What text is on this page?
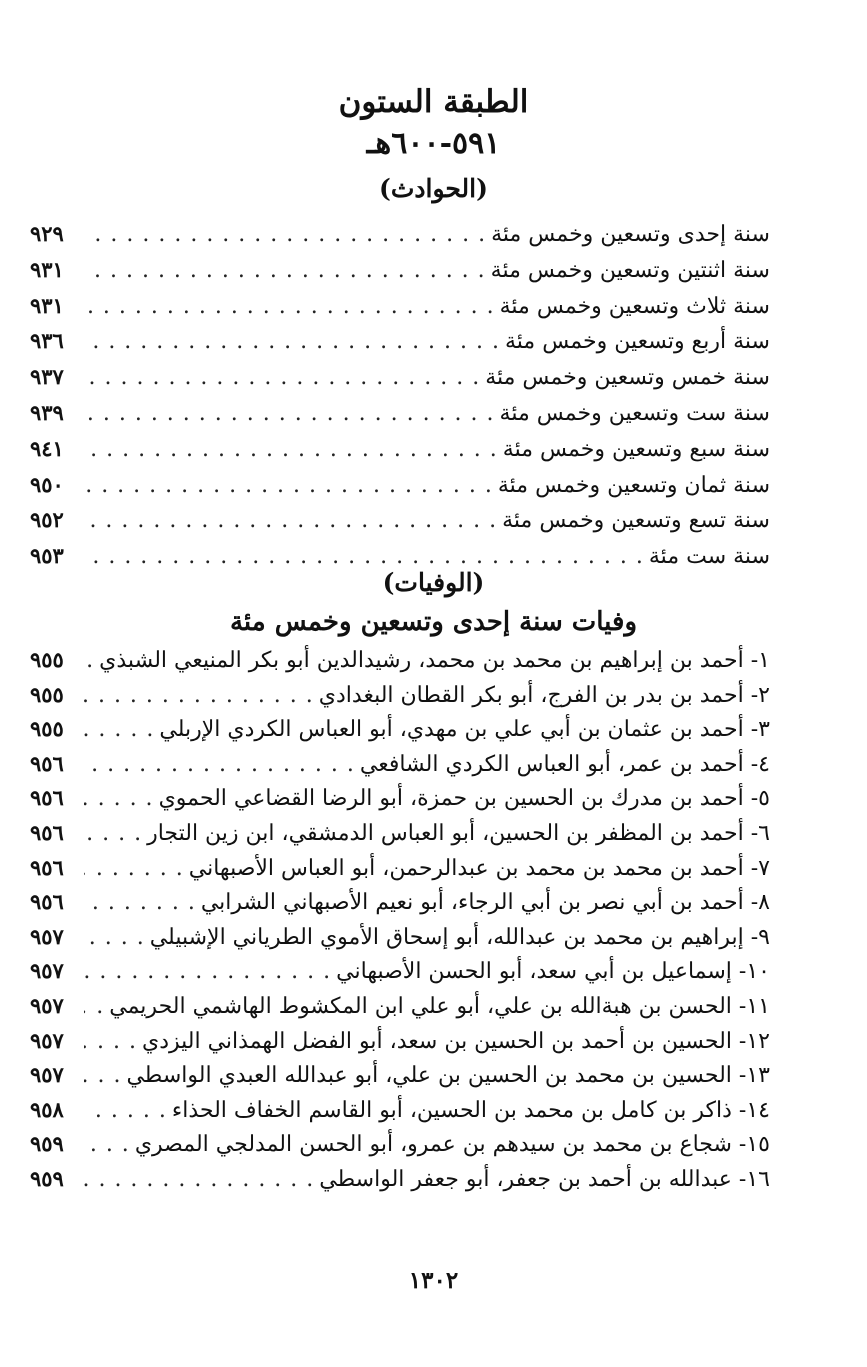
الطبقة الستون
٥٩١-٦٠٠هـ
(الحوادث)
سنة إحدى وتسعين وخمس مئة
. . .
٩٢٩
سنة اثنتين وتسعين وخمس مئة
. . .
٩٣١
سنة ثلاث وتسعين وخمس مئة
. . .
٩٣١
سنة أربع وتسعين وخمس مئة
. . .
٩٣٦
سنة خمس وتسعين وخمس مئة
. . .
٩٣٧
سنة ست وتسعين وخمس مئة
. . .
٩٣٩
سنة سبع وتسعين وخمس مئة
. . .
٩٤١
سنة ثمان وتسعين وخمس مئة
. . .
٩٥٠
سنة تسع وتسعين وخمس مئة
. . .
٩٥٢
سنة ست مئة
. . .
٩٥٣
(الوفيات)
وفيات سنة إحدى وتسعين وخمس مئة
١- أحمد بن إبراهيم بن محمد بن محمد، رشيدالدين أبو بكر المنيعي الشبذي
. . .
٩٥٥
٢- أحمد بن بدر بن الفرج، أبو بكر القطان البغدادي
. . .
٩٥٥
٣- أحمد بن عثمان بن أبي علي بن مهدي، أبو العباس الكردي الإربلي
. . .
٩٥٥
٤- أحمد بن عمر، أبو العباس الكردي الشافعي
. . .
٩٥٦
٥- أحمد بن مدرك بن الحسين بن حمزة، أبو الرضا القضاعي الحموي
. . .
٩٥٦
٦- أحمد بن المظفر بن الحسين، أبو العباس الدمشقي، ابن زين التجار
. . .
٩٥٦
٧- أحمد بن محمد بن محمد بن عبدالرحمن، أبو العباس الأصبهاني
. . .
٩٥٦
٨- أحمد بن أبي نصر بن أبي الرجاء، أبو نعيم الأصبهاني الشرابي
. . .
٩٥٦
٩- إبراهيم بن محمد بن عبدالله، أبو إسحاق الأموي الطرياني الإشبيلي
. . .
٩٥٧
١٠- إسماعيل بن أبي سعد، أبو الحسن الأصبهاني
. . .
٩٥٧
١١- الحسن بن هبةالله بن علي، أبو علي ابن المكشوط الهاشمي الحريمي
. . .
٩٥٧
١٢- الحسين بن أحمد بن الحسين بن سعد، أبو الفضل الهمذاني اليزدي
. . .
٩٥٧
١٣- الحسين بن محمد بن الحسين بن علي، أبو عبدالله العبدي الواسطي
. . .
٩٥٧
١٤- ذاكر بن كامل بن محمد بن الحسين، أبو القاسم الخفاف الحذاء
. . .
٩٥٨
١٥- شجاع بن محمد بن سيدهم بن عمرو، أبو الحسن المدلجي المصري
. . .
٩٥٩
١٦- عبدالله بن أحمد بن جعفر، أبو جعفر الواسطي
. . .
٩٥٩
١٣٠٢
